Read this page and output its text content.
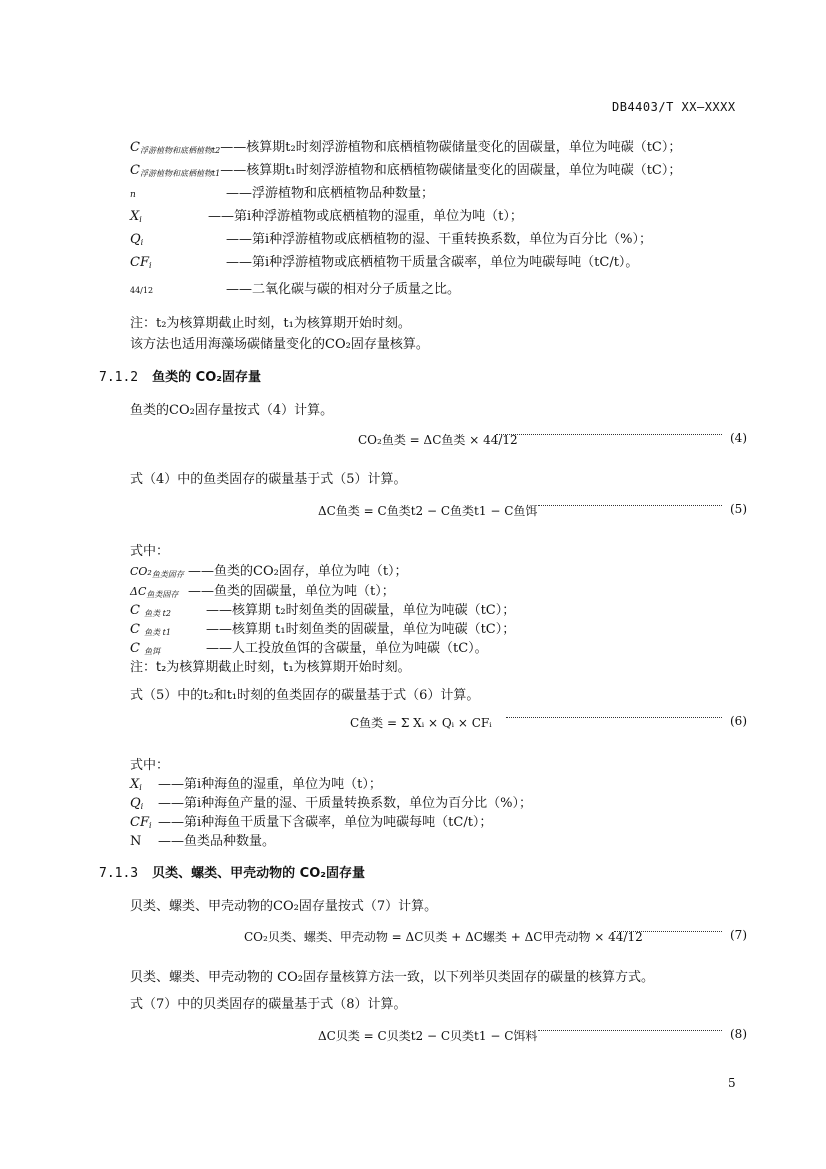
DB4403/T XX—XXXX
$C_{浮游植物和底栖植物t2}——$核算期t₂时刻浮游植物和底栖植物碳储量变化的固碳量，单位为吨碳（tC）；
$C_{浮游植物和底栖植物t1}——$核算期t₁时刻浮游植物和底栖植物碳储量变化的固碳量，单位为吨碳（tC）；
n	——浮游植物和底栖植物品种数量；
$X_i$	——第i种浮游植物或底栖植物的湿重，单位为吨（t）；
$Q_i$	——第i种浮游植物或底栖植物的湿、干重转换系数，单位为百分比（%）；
$CF_i$	——第i种浮游植物或底栖植物干质量含碳率，单位为吨碳每吨（tC/t）。
44/12	——二氧化碳与碳的相对分子质量之比。
注：t₂为核算期截止时刻，t₁为核算期开始时刻。
该方法也适用海藻场碳储量变化的CO₂固存量核算。
7.1.2 鱼类的 CO₂固存量
鱼类的CO₂固存量按式（4）计算。
CO₂鱼类 = ΔC鱼类 × 44/12	(4)
式（4）中的鱼类固存的碳量基于式（5）计算。
ΔC鱼类 = C鱼类t2 − C鱼类t1 − C鱼饵	(5)
式中：
$CO_2_{鱼类固存}$ ——鱼类的CO₂固存，单位为吨（t）；
$\Delta C_{鱼类固存}$ ——鱼类的固碳量，单位为吨（t）；
C $_{鱼类 t2}$	——核算期 t₂时刻鱼类的固碳量，单位为吨碳（tC）；
C $_{鱼类 t1}$	——核算期 t₁时刻鱼类的固碳量，单位为吨碳（tC）；
C $_{鱼饵}$	——人工投放鱼饵的含碳量，单位为吨碳（tC）。
注：t₂为核算期截止时刻，t₁为核算期开始时刻。
式（5）中的t₂和t₁时刻的鱼类固存的碳量基于式（6）计算。
C鱼类 = Σ Xᵢ × Qᵢ × CFᵢ	(6)
式中：
$X_i$ ——第i种海鱼的湿重，单位为吨（t）；
$Q_i$ ——第i种海鱼产量的湿、干质量转换系数，单位为百分比（%）；
$CF_i$ ——第i种海鱼干质量下含碳率，单位为吨碳每吨（tC/t）；
N ——鱼类品种数量。
7.1.3 贝类、螺类、甲壳动物的 CO₂固存量
贝类、螺类、甲壳动物的CO₂固存量按式（7）计算。
CO₂贝类、螺类、甲壳动物 = ΔC贝类 + ΔC螺类 + ΔC甲壳动物 × 44/12	(7)
贝类、螺类、甲壳动物的 CO₂固存量核算方法一致，以下列举贝类固存的碳量的核算方式。
式（7）中的贝类固存的碳量基于式（8）计算。
ΔC贝类 = C贝类t2 − C贝类t1 − C饵料	(8)
5
